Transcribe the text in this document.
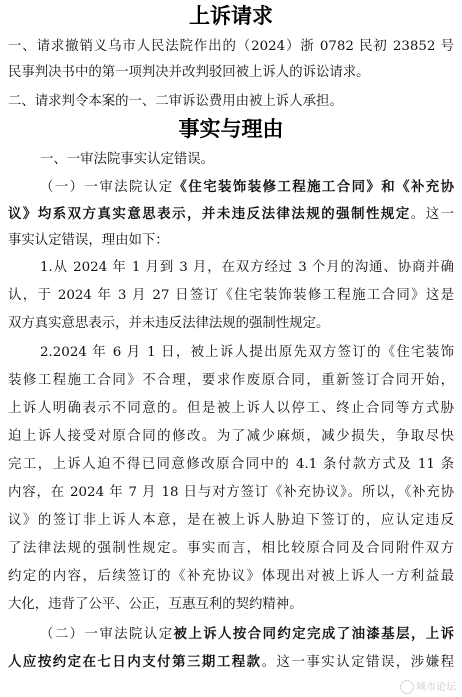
上诉请求
一、请求撤销义乌市人民法院作出的（2024）浙 0782 民初 23852 号
民事判决书中的第一项判决并改判驳回被上诉人的诉讼请求。
二、请求判令本案的一、二审诉讼费用由被上诉人承担。
事实与理由
一、一审法院事实认定错误。
（一）一审法院认定《住宅装饰装修工程施工合同》和《补充协
议》均系双方真实意思表示，并未违反法律法规的强制性规定。这一
事实认定错误，理由如下：
1.从 2024 年 1 月到 3 月，在双方经过 3 个月的沟通、协商并确
认，于 2024 年 3 月 27 日签订《住宅装饰装修工程施工合同》这是
双方真实意思表示，并未违反法律法规的强制性规定。
2.2024 年 6 月 1 日，被上诉人提出原先双方签订的《住宅装饰
装修工程施工合同》不合理，要求作废原合同，重新签订合同开始，
上诉人明确表示不同意的。但是被上诉人以停工、终止合同等方式胁
迫上诉人接受对原合同的修改。为了减少麻烦，减少损失，争取尽快
完工，上诉人迫不得已同意修改原合同中的 4.1 条付款方式及 11 条
内容，在 2024 年 7 月 18 日与对方签订《补充协议》。所以，《补充协
议》的签订非上诉人本意，是在被上诉人胁迫下签订的，应认定违反
了法律法规的强制性规定。事实而言，相比较原合同及合同附件双方
约定的内容，后续签订的《补充协议》体现出对被上诉人一方利益最
大化，违背了公平、公正，互惠互利的契约精神。
（二）一审法院认定被上诉人按合同约定完成了油漆基层，上诉
人应按约定在七日内支付第三期工程款。这一事实认定错误，涉嫌程
城市论坛
